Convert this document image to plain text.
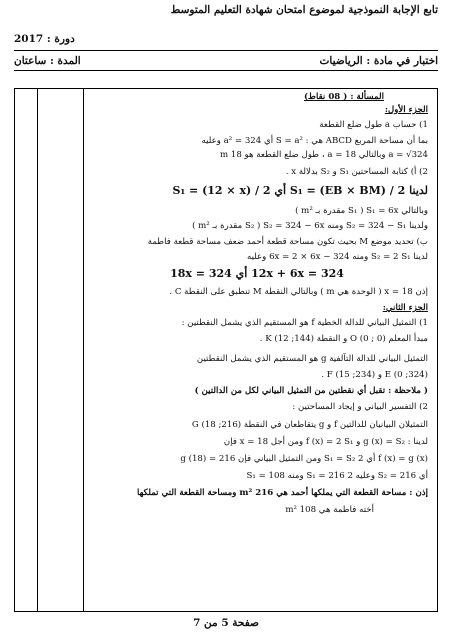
تابع الإجابة النموذجية لموضوع امتحان شهادة التعليم المتوسط
دورة : 2017
المدة : ساعتان	اختبار في مادة : الرياضيات
المسألة : ( 08 نقاط)
الجزء الأول:
1) حساب a طول ضلع القطعة
بما أن مساحة المربع ABCD هي : S = a² أي a² = 324 وعليه
a = √324 وبالتالي a = 18 ، طول ضلع القطعة هو 18 m
2) أ) كتابة المساحتين S₁ و S₂ بدلالة x .
لدينا S₁ = (EB × BM) / 2 أي S₁ = (12 × x) / 2
وبالتالي S₁ = 6x ( S₁ مقدرة بـ m² )
ولدينا S₂ = 324 − S₁ ومنه S₂ = 324 − 6x ( S₂ مقدرة بـ m² )
ب) تحديد موضع M بحيث تكون مساحة قطعة أحمد ضعف مساحة قطعة فاطمة
لدينا S₂ = 2 S₁ ومنه 324 − 6x = 2 × 6x وعليه
12x + 6x = 324 أي 18x = 324
إذن x = 18 ( الوحدة هي m ) وبالتالي النقطة M تنطبق على النقطة C .
الجزء الثاني:
1) التمثيل البياني للدالة الخطية f هو المستقيم الذي يشمل النقطتين :
مبدأ المعلم O (0 ; 0) و النقطة K (12 ;144) .
التمثيل البياني للدالة التآلفية g هو المستقيم الذي يشمل النقطتين
E (0 ;324) و F (15 ;234) .
( ملاحظة : تقبل أي نقطتين من التمثيل البياني لكل من الدالتين )
2) التفسير البياني و إيجاد المساحتين :
التمثيلان البيانيان للدالتين f و g يتقاطعان في النقطة G (18 ;216)
لدينا : g (x) = S₂ و f (x) = 2 S₁ ومن أجل x = 18 فإن
f (x) = g (x) أي 2 S₁ = S₂ ومن التمثيل البياني فإن g (18) = 216
أي S₂ = 216 وعليه 2 S₁ = 216 ومنه S₁ = 108
إذن : مساحة القطعة التي يملكها أحمد هي 216 m² ومساحة القطعة التي تملكها
أخته فاطمة هي 108 m²
صفحة 5 من 7
